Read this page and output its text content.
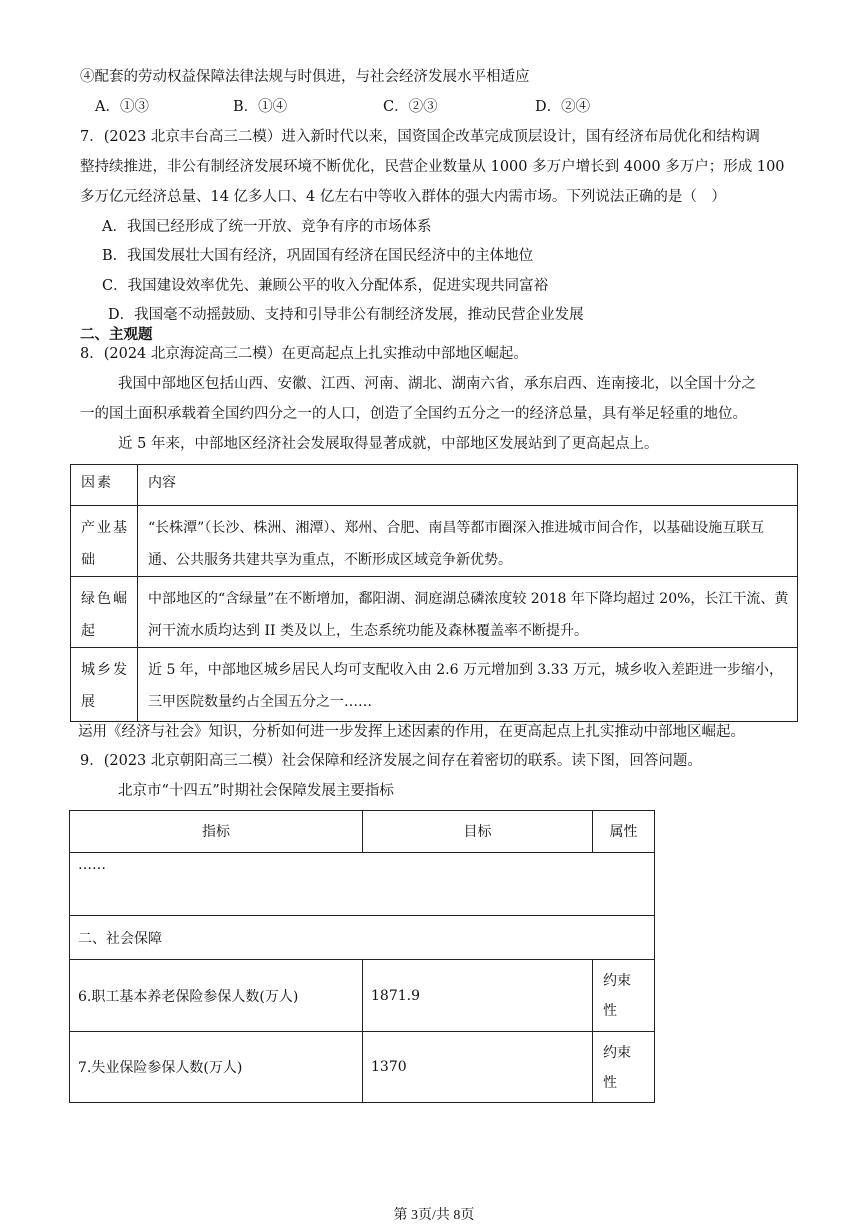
④配套的劳动权益保障法律法规与时俱进，与社会经济发展水平相适应
A．①③	B．①④	C．②③	D．②④
7．(2023 北京丰台高三二模）进入新时代以来，国资国企改革完成顶层设计，国有经济布局优化和结构调
整持续推进，非公有制经济发展环境不断优化，民营企业数量从 1000 多万户增长到 4000 多万户；形成 100
多万亿元经济总量、14 亿多人口、4 亿左右中等收入群体的强大内需市场。下列说法正确的是（　）
A．我国已经形成了统一开放、竞争有序的市场体系
B．我国发展壮大国有经济，巩固国有经济在国民经济中的主体地位
C．我国建设效率优先、兼顾公平的收入分配体系，促进实现共同富裕
D．我国毫不动摇鼓励、支持和引导非公有制经济发展，推动民营企业发展
二、主观题
8．(2024 北京海淀高三二模）在更高起点上扎实推动中部地区崛起。
我国中部地区包括山西、安徽、江西、河南、湖北、湖南六省，承东启西、连南接北，以全国十分之
一的国土面积承载着全国约四分之一的人口，创造了全国约五分之一的经济总量，具有举足轻重的地位。
近 5 年来，中部地区经济社会发展取得显著成就，中部地区发展站到了更高起点上。
因素	内容
产业基础	“长株潭”（长沙、株洲、湘潭）、郑州、合肥、南昌等都市圈深入推进城市间合作，以基础设施互联互通、公共服务共建共享为重点，不断形成区域竞争新优势。
绿色崛起	中部地区的“含绿量”在不断增加，鄱阳湖、洞庭湖总磷浓度较 2018 年下降均超过 20%，长江干流、黄河干流水质均达到 II 类及以上，生态系统功能及森林覆盖率不断提升。
城乡发展	近 5 年，中部地区城乡居民人均可支配收入由 2.6 万元增加到 3.33 万元，城乡收入差距进一步缩小，三甲医院数量约占全国五分之一……
运用《经济与社会》知识，分析如何进一步发挥上述因素的作用，在更高起点上扎实推动中部地区崛起。
9．(2023 北京朝阳高三二模）社会保障和经济发展之间存在着密切的联系。读下图，回答问题。
北京市“十四五”时期社会保障发展主要指标
指标	目标	属性
……		
二、社会保障		
6.职工基本养老保险参保人数(万人)	1871.9	约束性
7.失业保险参保人数(万人)	1370	约束性
第 3页/共 8页
